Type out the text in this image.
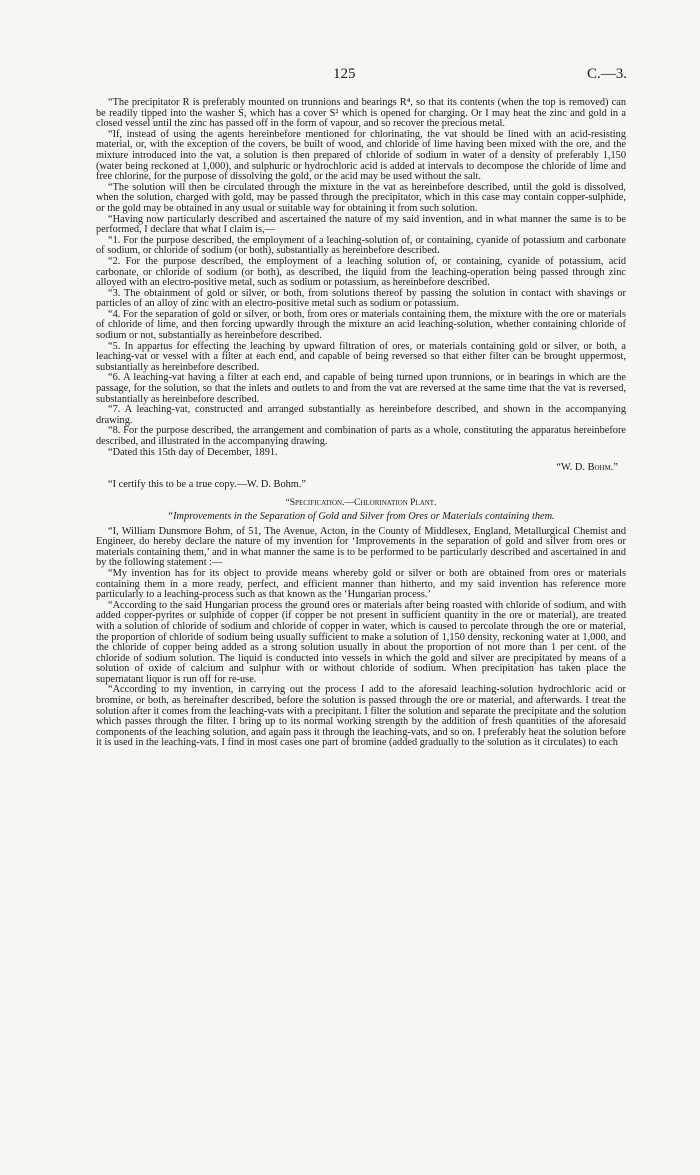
125	C.—3.

“The precipitator R is preferably mounted on trunnions and bearings R⁴, so that its contents (when the top is removed) can be readily tipped into the washer S, which has a cover S² which is opened for charging. Or I may heat the zinc and gold in a closed vessel until the zinc has passed off in the form of vapour, and so recover the precious metal.

“If, instead of using the agents hereinbefore mentioned for chlorinating, the vat should be lined with an acid-resisting material, or, with the exception of the covers, be built of wood, and chloride of lime having been mixed with the ore, and the mixture introduced into the vat, a solution is then prepared of chloride of sodium in water of a density of preferably 1,150 (water being reckoned at 1,000), and sulphuric or hydrochloric acid is added at intervals to decompose the chloride of lime and free chlorine, for the purpose of dissolving the gold, or the acid may be used without the salt.

“The solution will then be circulated through the mixture in the vat as hereinbefore described, until the gold is dissolved, when the solution, charged with gold, may be passed through the precipitator, which in this case may contain copper-sulphide, or the gold may be obtained in any usual or suitable way for obtaining it from such solution.

“Having now particularly described and ascertained the nature of my said invention, and in what manner the same is to be performed, I declare that what I claim is,—

“1. For the purpose described, the employment of a leaching-solution of, or containing, cyanide of potassium and carbonate of sodium, or chloride of sodium (or both), substantially as hereinbefore described.

“2. For the purpose described, the employment of a leaching solution of, or containing, cyanide of potassium, acid carbonate, or chloride of sodium (or both), as described, the liquid from the leaching-operation being passed through zinc alloyed with an electro-positive metal, such as sodium or potassium, as hereinbefore described.

“3. The obtainment of gold or silver, or both, from solutions thereof by passing the solution in contact with shavings or particles of an alloy of zinc with an electro-positive metal such as sodium or potassium.

“4. For the separation of gold or silver, or both, from ores or materials containing them, the mixture with the ore or materials of chloride of lime, and then forcing upwardly through the mixture an acid leaching-solution, whether containing chloride of sodium or not, substantially as hereinbefore described.

“5. In appartus for effecting the leaching by upward filtration of ores, or materials containing gold or silver, or both, a leaching-vat or vessel with a filter at each end, and capable of being reversed so that either filter can be brought uppermost, substantially as hereinbefore described.

“6. A leaching-vat having a filter at each end, and capable of being turned upon trunnions, or in bearings in which are the passage, for the solution, so that the inlets and outlets to and from the vat are reversed at the same time that the vat is reversed, substantially as hereinbefore described.

“7. A leaching-vat, constructed and arranged substantially as hereinbefore described, and shown in the accompanying drawing.

“8. For the purpose described, the arrangement and combination of parts as a whole, constituting the apparatus hereinbefore described, and illustrated in the accompanying drawing.

“Dated this 15th day of December, 1891.

“W. D. Bohm.”

“I certify this to be a true copy.—W. D. Bohm.”

“Specification.—Chlorination Plant.
“Improvements in the Separation of Gold and Silver from Ores or Materials containing them.

“I, William Dunsmore Bohm, of 51, The Avenue, Acton, in the County of Middlesex, England, Metallurgical Chemist and Engineer, do hereby declare the nature of my invention for ‘Improvements in the separation of gold and silver from ores or materials containing them,’ and in what manner the same is to be performed to be particularly described and ascertained in and by the following statement :—

“My invention has for its object to provide means whereby gold or silver or both are obtained from ores or materials containing them in a more ready, perfect, and efficient manner than hitherto, and my said invention has reference more particularly to a leaching-process such as that known as the ‘Hungarian process.’

“According to the said Hungarian process the ground ores or materials after being roasted with chloride of sodium, and with added copper-pyrites or sulphide of copper (if copper be not present in sufficient quantity in the ore or material), are treated with a solution of chloride of sodium and chloride of copper in water, which is caused to percolate through the ore or material, the proportion of chloride of sodium being usually sufficient to make a solution of 1,150 density, reckoning water at 1,000, and the chloride of copper being added as a strong solution usually in about the proportion of not more than 1 per cent. of the chloride of sodium solution. The liquid is conducted into vessels in which the gold and silver are precipitated by means of a solution of oxide of calcium and sulphur with or without chloride of sodium. When precipitation has taken place the supernatant liquor is run off for re-use.

“According to my invention, in carrying out the process I add to the aforesaid leaching-solution hydrochloric acid or bromine, or both, as hereinafter described, before the solution is passed through the ore or material, and afterwards. I treat the solution after it comes from the leaching-vats with a precipitant. I filter the solution and separate the precipitate and the solution which passes through the filter. I bring up to its normal working strength by the addition of fresh quantities of the aforesaid components of the leaching solution, and again pass it through the leaching-vats, and so on. I preferably heat the solution before it is used in the leaching-vats. I find in most cases one part of bromine (added gradually to the solution as it circulates) to each
